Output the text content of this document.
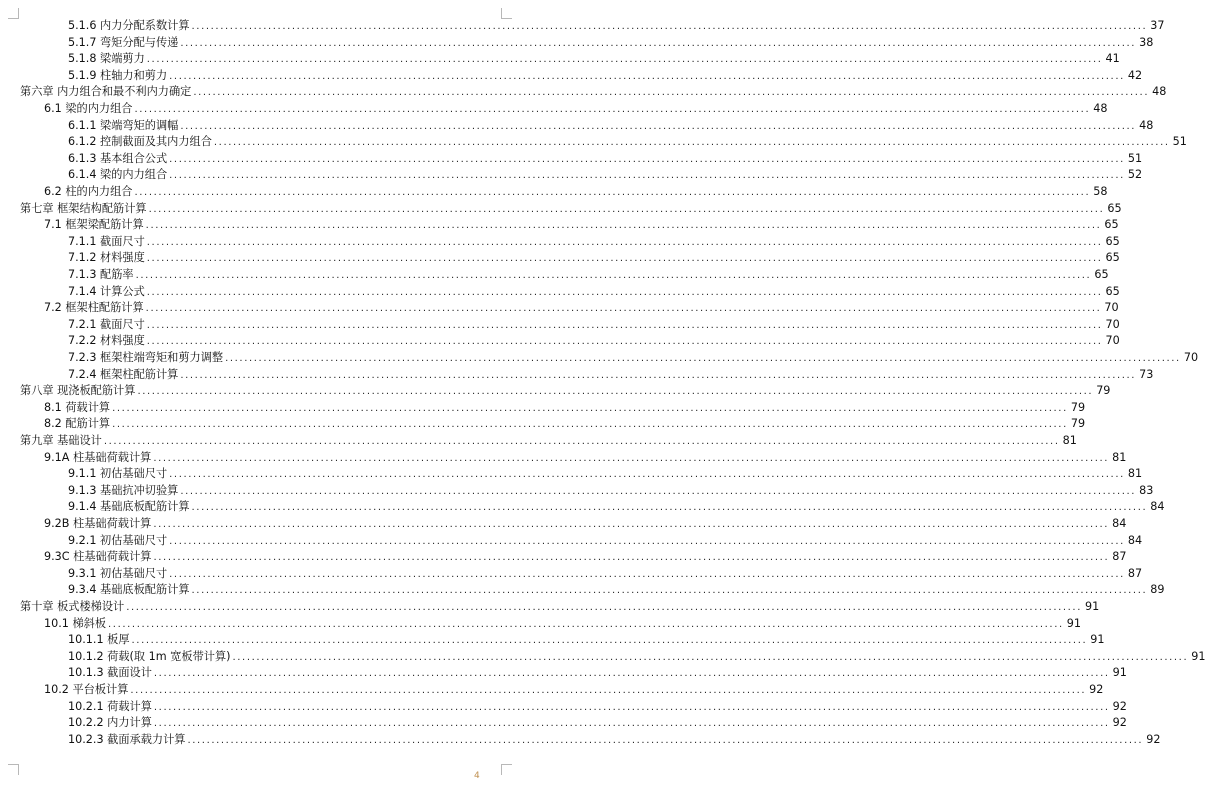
5.1.6 内力分配系数计算 ........................................................................................................................................................................................................ 37
5.1.7 弯矩分配与传递 ........................................................................................................................................................................................................ 38
5.1.8 梁端剪力 ........................................................................................................................................................................................................ 41
5.1.9 柱轴力和剪力 ........................................................................................................................................................................................................ 42
第六章 内力组合和最不利内力确定 ........................................................................................................................................................................................................ 48
6.1 梁的内力组合 ........................................................................................................................................................................................................ 48
6.1.1 梁端弯矩的调幅 ........................................................................................................................................................................................................ 48
6.1.2 控制截面及其内力组合 ........................................................................................................................................................................................................ 51
6.1.3 基本组合公式 ........................................................................................................................................................................................................ 51
6.1.4 梁的内力组合 ........................................................................................................................................................................................................ 52
6.2 柱的内力组合 ........................................................................................................................................................................................................ 58
第七章 框架结构配筋计算 ........................................................................................................................................................................................................ 65
7.1 框架梁配筋计算 ........................................................................................................................................................................................................ 65
7.1.1 截面尺寸 ........................................................................................................................................................................................................ 65
7.1.2 材料强度 ........................................................................................................................................................................................................ 65
7.1.3 配筋率 ........................................................................................................................................................................................................ 65
7.1.4 计算公式 ........................................................................................................................................................................................................ 65
7.2 框架柱配筋计算 ........................................................................................................................................................................................................ 70
7.2.1 截面尺寸 ........................................................................................................................................................................................................ 70
7.2.2 材料强度 ........................................................................................................................................................................................................ 70
7.2.3 框架柱端弯矩和剪力调整 ........................................................................................................................................................................................................ 70
7.2.4 框架柱配筋计算 ........................................................................................................................................................................................................ 73
第八章 现浇板配筋计算 ........................................................................................................................................................................................................ 79
8.1 荷载计算 ........................................................................................................................................................................................................ 79
8.2 配筋计算 ........................................................................................................................................................................................................ 79
第九章 基础设计 ........................................................................................................................................................................................................ 81
9.1A 柱基础荷载计算 ........................................................................................................................................................................................................ 81
9.1.1 初估基础尺寸 ........................................................................................................................................................................................................ 81
9.1.3 基础抗冲切验算 ........................................................................................................................................................................................................ 83
9.1.4 基础底板配筋计算 ........................................................................................................................................................................................................ 84
9.2B 柱基础荷载计算 ........................................................................................................................................................................................................ 84
9.2.1 初估基础尺寸 ........................................................................................................................................................................................................ 84
9.3C 柱基础荷载计算 ........................................................................................................................................................................................................ 87
9.3.1 初估基础尺寸 ........................................................................................................................................................................................................ 87
9.3.4 基础底板配筋计算 ........................................................................................................................................................................................................ 89
第十章 板式楼梯设计 ........................................................................................................................................................................................................ 91
10.1 梯斜板 ........................................................................................................................................................................................................ 91
10.1.1 板厚 ........................................................................................................................................................................................................ 91
10.1.2 荷载(取 1m 宽板带计算) ........................................................................................................................................................................................................ 91
10.1.3 截面设计 ........................................................................................................................................................................................................ 91
10.2 平台板计算 ........................................................................................................................................................................................................ 92
10.2.1 荷载计算 ........................................................................................................................................................................................................ 92
10.2.2 内力计算 ........................................................................................................................................................................................................ 92
10.2.3 截面承载力计算 ........................................................................................................................................................................................................ 92
4
